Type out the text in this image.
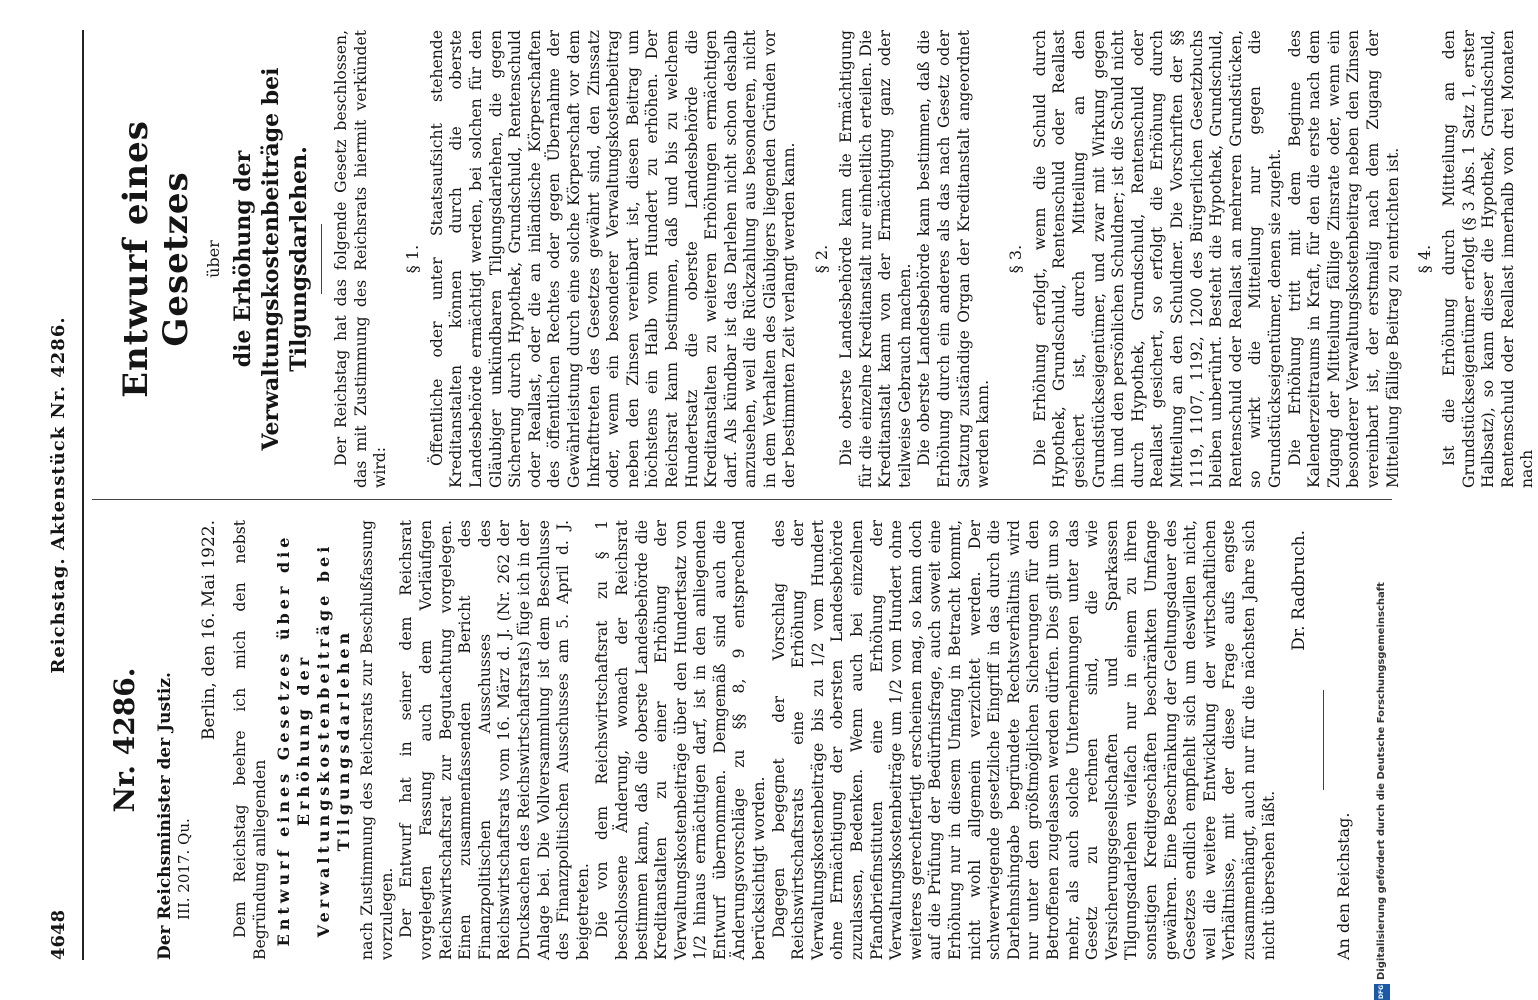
4648
Reichstag. Aktenstück Nr. 4286.
Nr. 4286. Der Reichsminister der Justiz. III. 2017. Qu.

Berlin, den 16. Mai 1922. Dem Reichstag beehre ich mich den nebst Begründung anliegenden Entwurf eines Gesetzes über die Erhöhung der Verwaltungskostenbeiträge bei Tilgungsdarlehen nach Zustimmung des Reichsrats zur Beschlußfassung vorzulegen. Der Entwurf hat in seiner dem Reichsrat vorgelegten Fassung auch dem Vorläufigen Reichswirtschaftsrat zur Begutachtung vorgelegen. Einen zusammenfassenden Bericht des Finanzpolitischen Ausschusses des Reichswirtschaftsrats vom 16. März d. J. (Nr. 262 der Drucksachen des Reichswirtschaftsrats) füge ich in der Anlage bei. Die Vollversammlung ist dem Beschlusse des Finanzpolitischen Ausschusses am 5. April d. J. beigetreten. Die von dem Reichswirtschaftsrat zu § 1 beschlossene Änderung, wonach der Reichsrat bestimmen kann, daß die oberste Landesbehörde die Kreditanstalten zu einer Erhöhung der Verwaltungskostenbeiträge über den Hundertsatz von 1/2 hinaus ermächtigen darf, ist in den anliegenden Entwurf übernommen. Demgemäß sind auch die Änderungsvorschläge zu §§ 8, 9 entsprechend berücksichtigt worden. Dagegen begegnet der Vorschlag des Reichswirtschaftsrats eine Erhöhung der Verwaltungskostenbeiträge bis zu 1/2 vom Hundert ohne Ermächtigung der obersten Landesbehörde zuzulassen, Bedenken. Wenn auch bei einzelnen Pfandbriefinstituten eine Erhöhung der Verwaltungskostenbeiträge um 1/2 vom Hundert ohne weiteres gerechtfertigt erscheinen mag, so kann doch auf die Prüfung der Bedürfnisfrage, auch soweit eine Erhöhung nur in diesem Umfang in Betracht kommt, nicht wohl allgemein verzichtet werden. Der schwerwiegende gesetzliche Eingriff in das durch die Darlehnshingabe begründete Rechtsverhältnis wird nur unter den größtmöglichen Sicherungen für den Betroffenen zugelassen werden dürfen. Dies gilt um so mehr, als auch solche Unternehmungen unter das Gesetz zu rechnen sind, die wie Versicherungsgesellschaften und Sparkassen Tilgungsdarlehen vielfach nur in einem zu ihren sonstigen Kreditgeschäften beschränkten Umfange gewähren. Eine Beschränkung der Geltungsdauer des Gesetzes endlich empfiehlt sich um deswillen nicht, weil die weitere Entwicklung der wirtschaftlichen Verhältnisse, mit der diese Frage aufs engste zusammenhängt, auch nur für die nächsten Jahre sich nicht übersehen läßt.

Dr. Radbruch.

An den Reichstag.

Entwurf eines Gesetzes über die Erhöhung der Verwaltungskostenbeiträge bei Tilgungsdarlehen. Der Reichstag hat das folgende Gesetz beschlossen, das mit Zustimmung des Reichsrats hiermit verkündet wird:

§ 1. Öffentliche oder unter Staatsaufsicht stehende Kreditanstalten können durch die oberste Landesbehörde ermächtigt werden, bei solchen für den Gläubiger unkündbaren Tilgungsdarlehen, die gegen Sicherung durch Hypothek, Grundschuld, Rentenschuld oder Reallast, oder die an inländische Körperschaften des öffentlichen Rechtes oder gegen Übernahme der Gewährleistung durch eine solche Körperschaft vor dem Inkrafttreten des Gesetzes gewährt sind, den Zinssatz oder, wenn ein besonderer Verwaltungskostenbeitrag neben den Zinsen vereinbart ist, diesen Beitrag um höchstens ein Halb vom Hundert zu erhöhen. Der Reichsrat kann bestimmen, daß und bis zu welchem Hundertsatz die oberste Landesbehörde die Kreditanstalten zu weiteren Erhöhungen ermächtigen darf. Als kündbar ist das Darlehen nicht schon deshalb anzusehen, weil die Rückzahlung aus besonderen, nicht in dem Verhalten des Gläubigers liegenden Gründen vor der bestimmten Zeit verlangt werden kann. § 2. Die oberste Landesbehörde kann die Ermächtigung für die einzelne Kreditanstalt nur einheitlich erteilen. Die Kreditanstalt kann von der Ermächtigung ganz oder teilweise Gebrauch machen. Die oberste Landesbehörde kann bestimmen, daß die Erhöhung durch ein anderes als das nach Gesetz oder Satzung zuständige Organ der Kreditanstalt angeordnet werden kann.

§ 3. Die Erhöhung erfolgt, wenn die Schuld durch Hypothek, Grundschuld, Rentenschuld oder Reallast gesichert ist, durch Mitteilung an den Grundstückseigentümer, und zwar mit Wirkung gegen ihn und den persönlichen Schuldner; ist die Schuld nicht durch Hypothek, Grundschuld, Rentenschuld oder Reallast gesichert, so erfolgt die Erhöhung durch Mitteilung an den Schuldner. Die Vorschriften der §§ 1119, 1107, 1192, 1200 des Bürgerlichen Gesetzbuchs bleiben unberührt. Besteht die Hypothek, Grundschuld, Rentenschuld oder Reallast an mehreren Grundstücken, so wirkt die Mitteilung nur gegen die Grundstückseigentümer, denen sie zugeht. Die Erhöhung tritt mit dem Beginne des Kalenderzeitraums in Kraft, für den die erste nach dem Zugang der Mitteilung fällige Zinsrate oder, wenn ein besonderer Verwaltungskostenbeitrag neben den Zinsen vereinbart ist, der erstmalig nach dem Zugang der Mitteilung fällige Beitrag zu entrichten ist. § 4. Ist die Erhöhung durch Mitteilung an den Grundstückseigentümer erfolgt (§ 3 Abs. 1 Satz 1, erster Halbsatz), so kann dieser die Hypothek, Grundschuld, Rentenschuld oder Reallast innerhalb von drei Monaten nach

DFG
Digitalisierung gefördert durch die Deutsche Forschungsgemeinschaft
